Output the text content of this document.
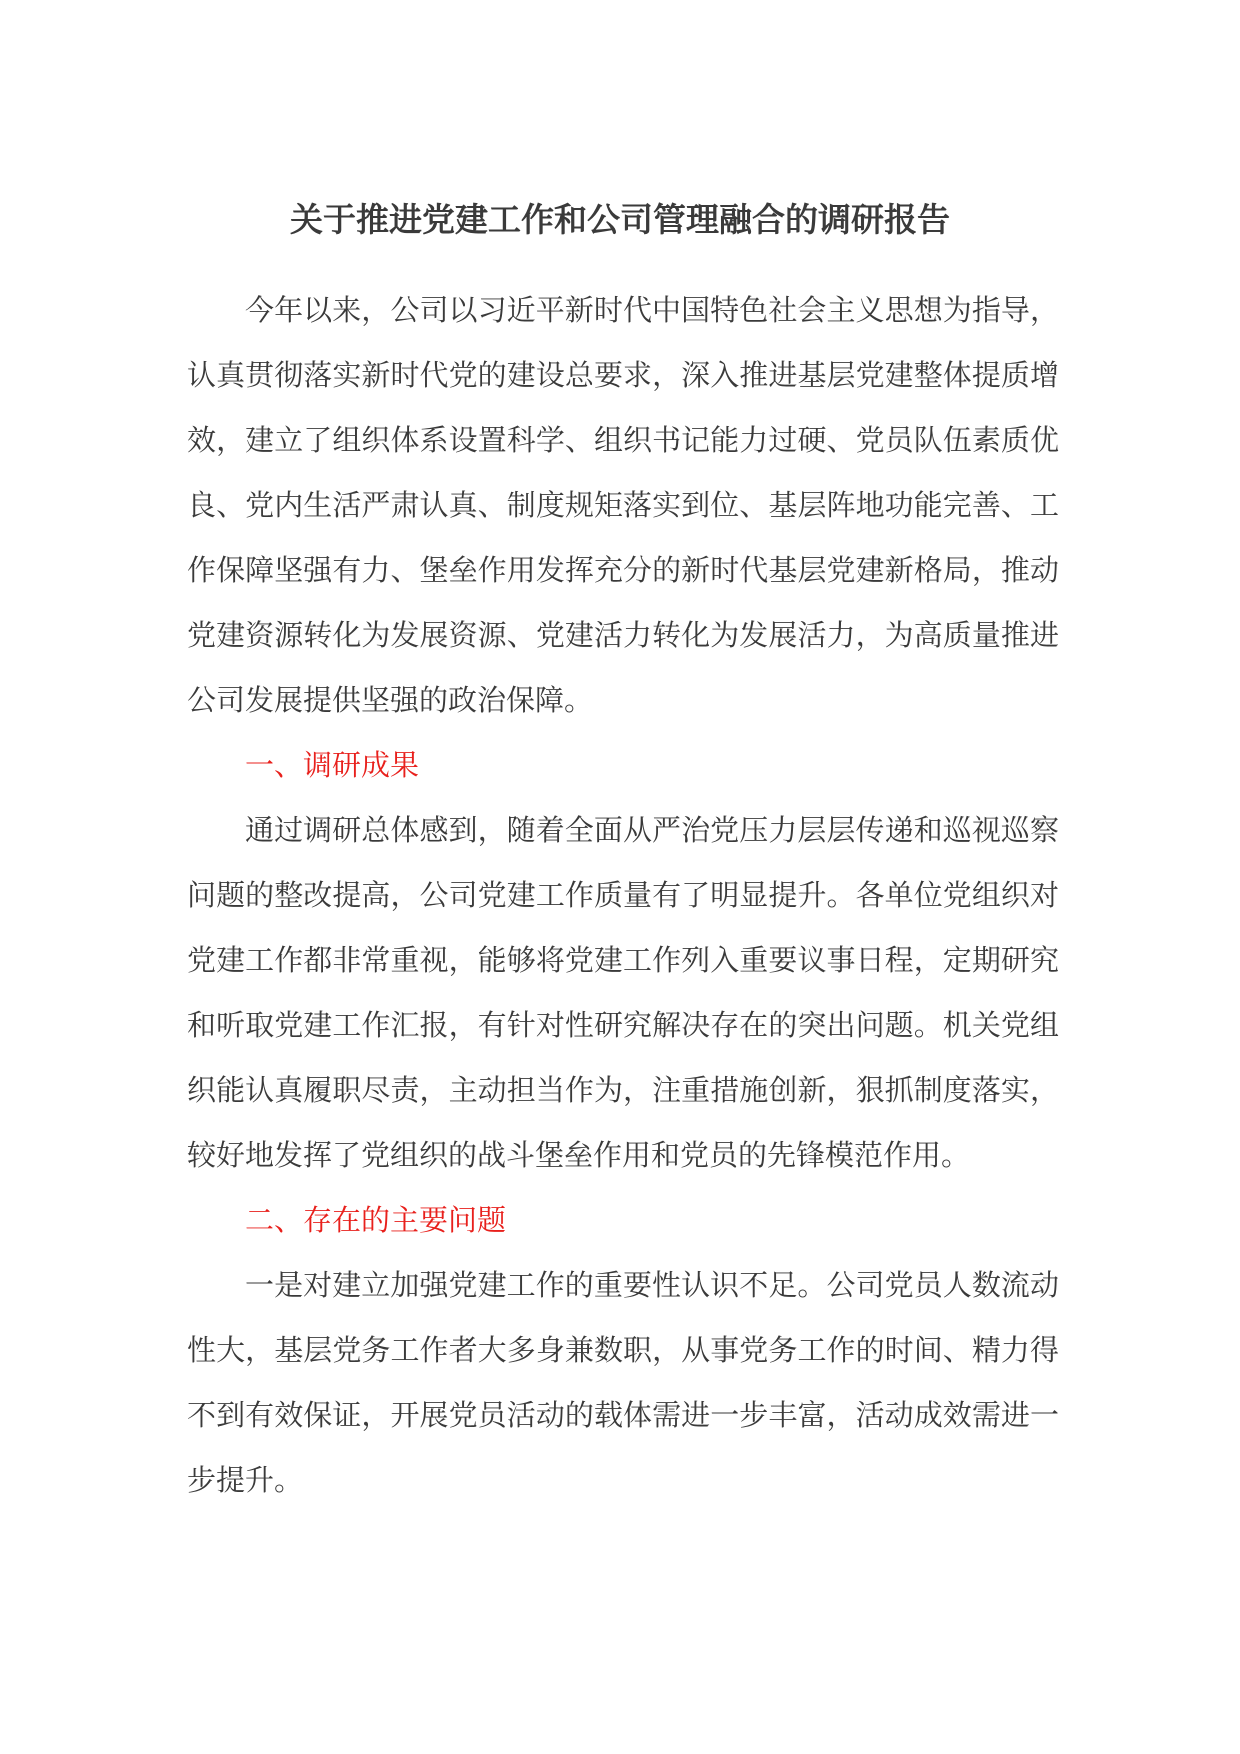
关于推进党建工作和公司管理融合的调研报告

今年以来，公司以习近平新时代中国特色社会主义思想为指导，认真贯彻落实新时代党的建设总要求，深入推进基层党建整体提质增效，建立了组织体系设置科学、组织书记能力过硬、党员队伍素质优良、党内生活严肃认真、制度规矩落实到位、基层阵地功能完善、工作保障坚强有力、堡垒作用发挥充分的新时代基层党建新格局，推动党建资源转化为发展资源、党建活力转化为发展活力，为高质量推进公司发展提供坚强的政治保障。

一、调研成果

通过调研总体感到，随着全面从严治党压力层层传递和巡视巡察问题的整改提高，公司党建工作质量有了明显提升。各单位党组织对党建工作都非常重视，能够将党建工作列入重要议事日程，定期研究和听取党建工作汇报，有针对性研究解决存在的突出问题。机关党组织能认真履职尽责，主动担当作为，注重措施创新，狠抓制度落实，较好地发挥了党组织的战斗堡垒作用和党员的先锋模范作用。

二、存在的主要问题

一是对建立加强党建工作的重要性认识不足。公司党员人数流动性大，基层党务工作者大多身兼数职，从事党务工作的时间、精力得不到有效保证，开展党员活动的载体需进一步丰富，活动成效需进一步提升。
